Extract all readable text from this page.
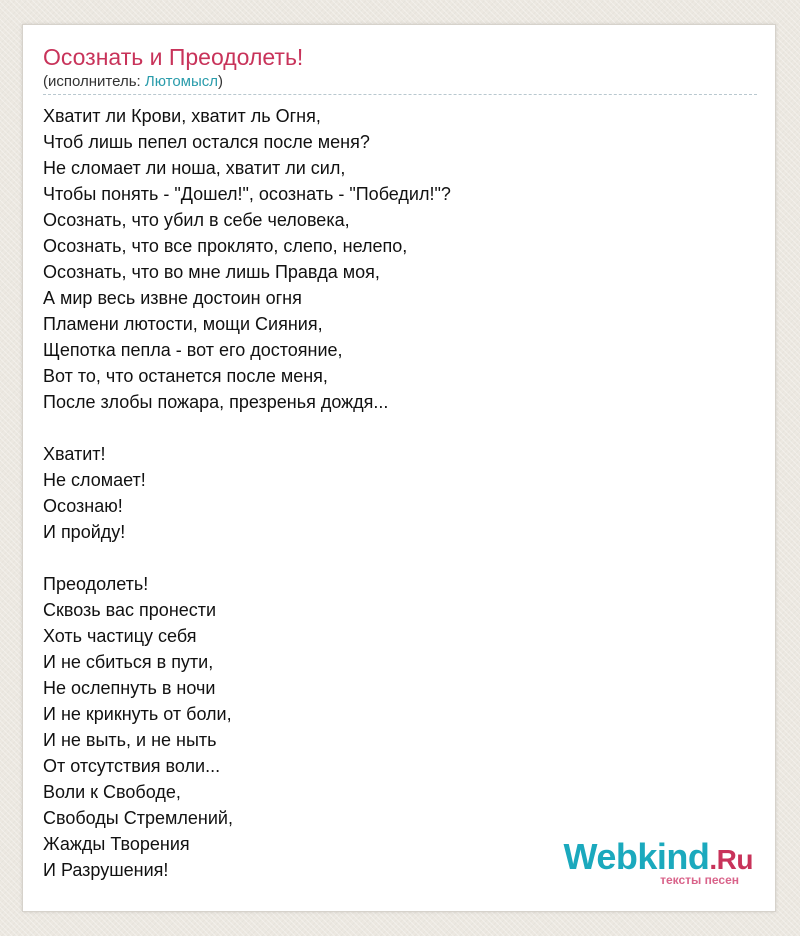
Осознать и Преодолеть!
(исполнитель: Лютомысл)
Хватит ли Крови, хватит ль Огня,
Чтоб лишь пепел остался после меня?
Не сломает ли ноша, хватит ли сил,
Чтобы понять - "Дошел!", осознать - "Победил!"?
Осознать, что убил в себе человека,
Осознать, что все проклято, слепо, нелепо,
Осознать, что во мне лишь Правда моя,
А мир весь извне достоин огня
Пламени лютости, мощи Сияния,
Щепотка пепла - вот его достояние,
Вот то, что останется после меня,
После злобы пожара, презренья дождя...
Хватит!
Не сломает!
Осознаю!
И пройду!
Преодолеть!
Сквозь вас пронести
Хоть частицу себя
И не сбиться в пути,
Не ослепнуть в ночи
И не крикнуть от боли,
И не выть, и не ныть
От отсутствия воли...
Воли к Свободе,
Свободы Стремлений,
Жажды Творения
И Разрушения!	Webkind.Ru
тексты песен
